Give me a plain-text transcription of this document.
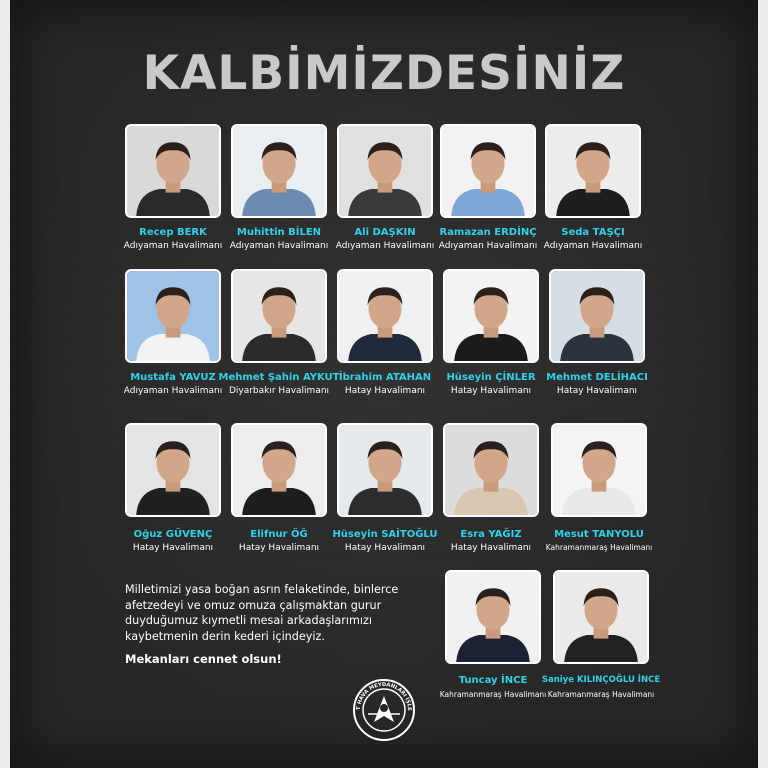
KALBİMİZDESİNİZ
Recep BERK
Adıyaman Havalimanı
Muhittin BİLEN
Adıyaman Havalimanı
Ali DAŞKIN
Adıyaman Havalimanı
Ramazan ERDİNÇ
Adıyaman Havalimanı
Seda TAŞÇI
Adıyaman Havalimanı
Mustafa YAVUZ
Adıyaman Havalimanı
Mehmet Şahin AYKUT
Diyarbakır Havalimanı
İbrahim ATAHAN
Hatay Havalimanı
Hüseyin ÇİNLER
Hatay Havalimanı
Mehmet DELİHACI
Hatay Havalimanı
Oğuz GÜVENÇ
Hatay Havalimanı
Elifnur ÖĞ
Hatay Havalimanı
Hüseyin SAİTOĞLU
Hatay Havalimanı
Esra YAĞIZ
Hatay Havalimanı
Mesut TANYOLU
Kahramanmaraş Havalimanı
Tuncay İNCE
Kahramanmaraş Havalimanı
Saniye KILINÇOĞLU İNCE
Kahramanmaraş Havalimanı
Milletimizi yasa boğan asrın felaketinde, binlerce afetzedeyi ve omuz omuza çalışmaktan gurur duyduğumuz kıymetli mesai arkadaşlarımızı kaybetmenin derin kederi içindeyiz.
Mekanları cennet olsun!
T HAVA MEYDANLARI İŞLE
